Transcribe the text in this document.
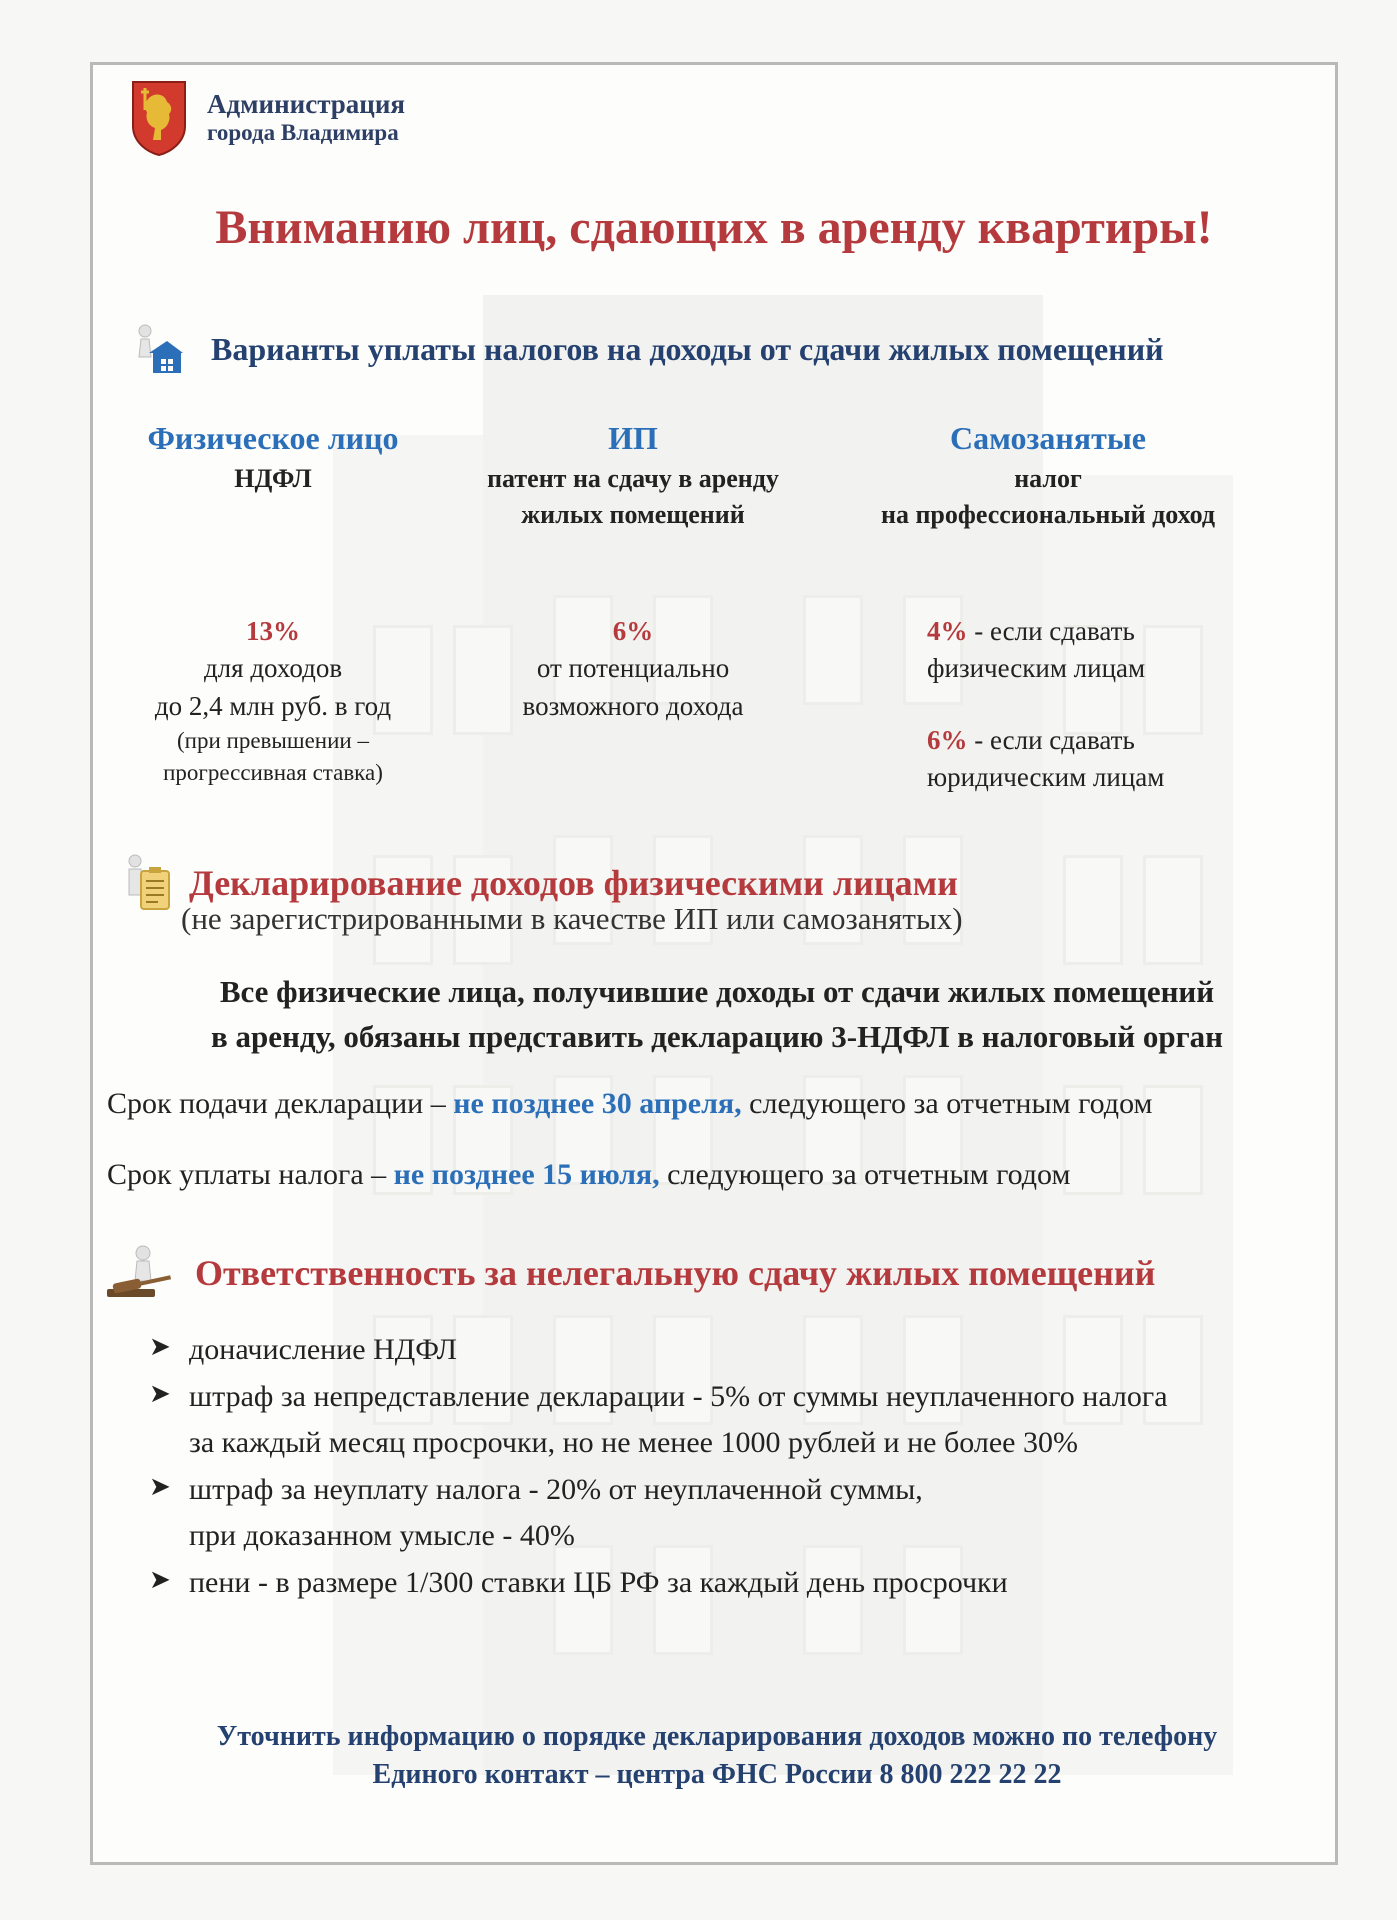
Администрация
города Владимира
Вниманию лиц, сдающих в аренду квартиры!
Варианты уплаты налогов на доходы от сдачи жилых помещений
Физическое лицо
НДФЛ
ИП
патент на сдачу в аренду
жилых помещений
Самозанятые
налог
на профессиональный доход
13%
для доходов
до 2,4 млн руб. в год
(при превышении –
прогрессивная ставка)
6%
от потенциально
возможного дохода
4% - если сдавать
физическим лицам
6% - если сдавать
юридическим лицам
Декларирование доходов физическими лицами
(не зарегистрированными в качестве ИП или самозанятых)
Все физические лица, получившие доходы от сдачи жилых помещений
в аренду, обязаны представить декларацию 3-НДФЛ в налоговый орган
Срок подачи декларации – не позднее 30 апреля, следующего за отчетным годом
Срок уплаты налога – не позднее 15 июля, следующего за отчетным годом
Ответственность за нелегальную сдачу жилых помещений
➤ доначисление НДФЛ
➤ штраф за непредставление декларации - 5% от суммы неуплаченного налога
за каждый месяц просрочки, но не менее 1000 рублей и не более 30%
➤ штраф за неуплату налога - 20% от неуплаченной суммы,
при доказанном умысле - 40%
➤ пени - в размере 1/300 ставки ЦБ РФ за каждый день просрочки
Уточнить информацию о порядке декларирования доходов можно по телефону
Единого контакт – центра ФНС России 8 800 222 22 22
